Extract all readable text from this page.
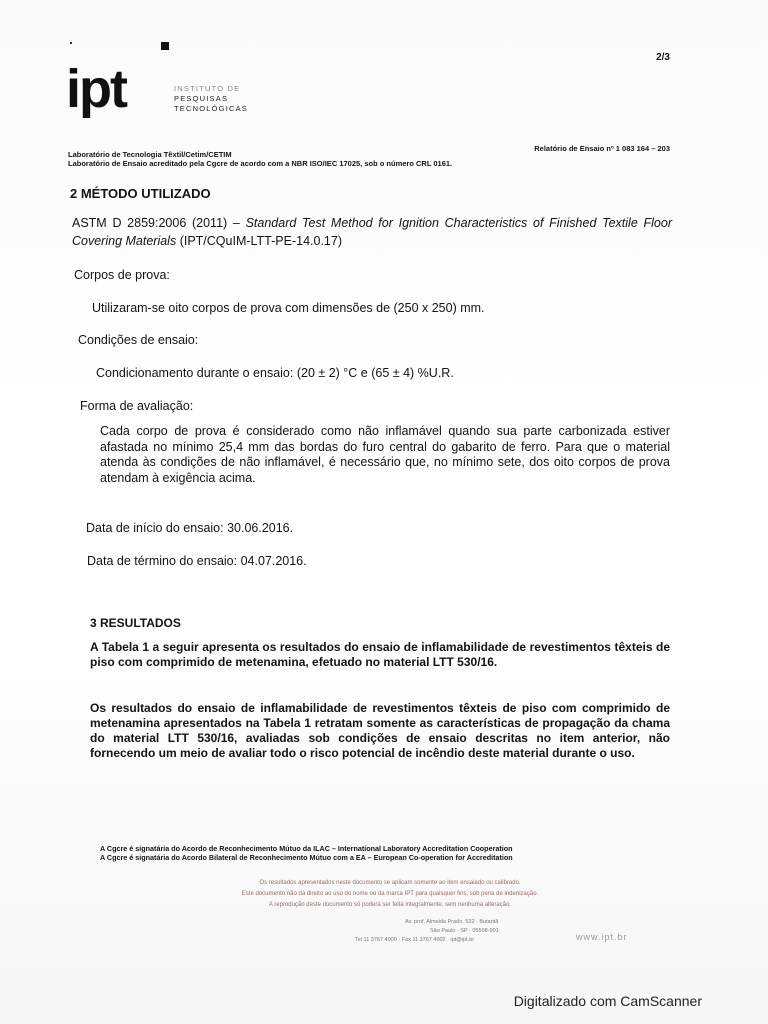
ipt	INSTITUTO DE
PESQUISAS
TECNOLÓGICAS
2/3
Laboratório de Tecnologia Têxtil/Cetim/CETIM
Laboratório de Ensaio acreditado pela Cgcre de acordo com a NBR ISO/IEC 17025, sob o número CRL 0161.
Relatório de Ensaio nº 1 083 164 – 203
2 MÉTODO UTILIZADO
ASTM D 2859:2006 (2011) – Standard Test Method for Ignition Characteristics of Finished Textile Floor Covering Materials (IPT/CQuIM-LTT-PE-14.0.17)
Corpos de prova:
Utilizaram-se oito corpos de prova com dimensões de (250 x 250) mm.
Condições de ensaio:
Condicionamento durante o ensaio: (20 ± 2) °C e (65 ± 4) %U.R.
Forma de avaliação:
Cada corpo de prova é considerado como não inflamável quando sua parte carbonizada estiver afastada no mínimo 25,4 mm das bordas do furo central do gabarito de ferro. Para que o material atenda às condições de não inflamável, é necessário que, no mínimo sete, dos oito corpos de prova atendam à exigência acima.
Data de início do ensaio: 30.06.2016.
Data de término do ensaio: 04.07.2016.
3 RESULTADOS
A Tabela 1 a seguir apresenta os resultados do ensaio de inflamabilidade de revestimentos têxteis de piso com comprimido de metenamina, efetuado no material LTT 530/16.
Os resultados do ensaio de inflamabilidade de revestimentos têxteis de piso com comprimido de metenamina apresentados na Tabela 1 retratam somente as características de propagação da chama do material LTT 530/16, avaliadas sob condições de ensaio descritas no item anterior, não fornecendo um meio de avaliar todo o risco potencial de incêndio deste material durante o uso.
A Cgcre é signatária do Acordo de Reconhecimento Mútuo da ILAC – International Laboratory Accreditation Cooperation
A Cgcre é signatária do Acordo Bilateral de Reconhecimento Mútuo com a EA – European Co-operation for Accreditation
Os resultados apresentados neste documento se aplicam somente ao item ensaiado ou calibrado.
Este documento não dá direito ao uso do nome ou da marca IPT para quaisquer fins, sob pena de indenização.
A reprodução deste documento só poderá ser feita integralmente, sem nenhuma alteração.
Av. prof. Almeida Prado, 532 · Butantã
São Paulo · SP · 05508-901
Tel 11 3767 4000 · Fax 11 3767 4002 · ipt@ipt.br	www.ipt.br
Digitalizado com CamScanner
